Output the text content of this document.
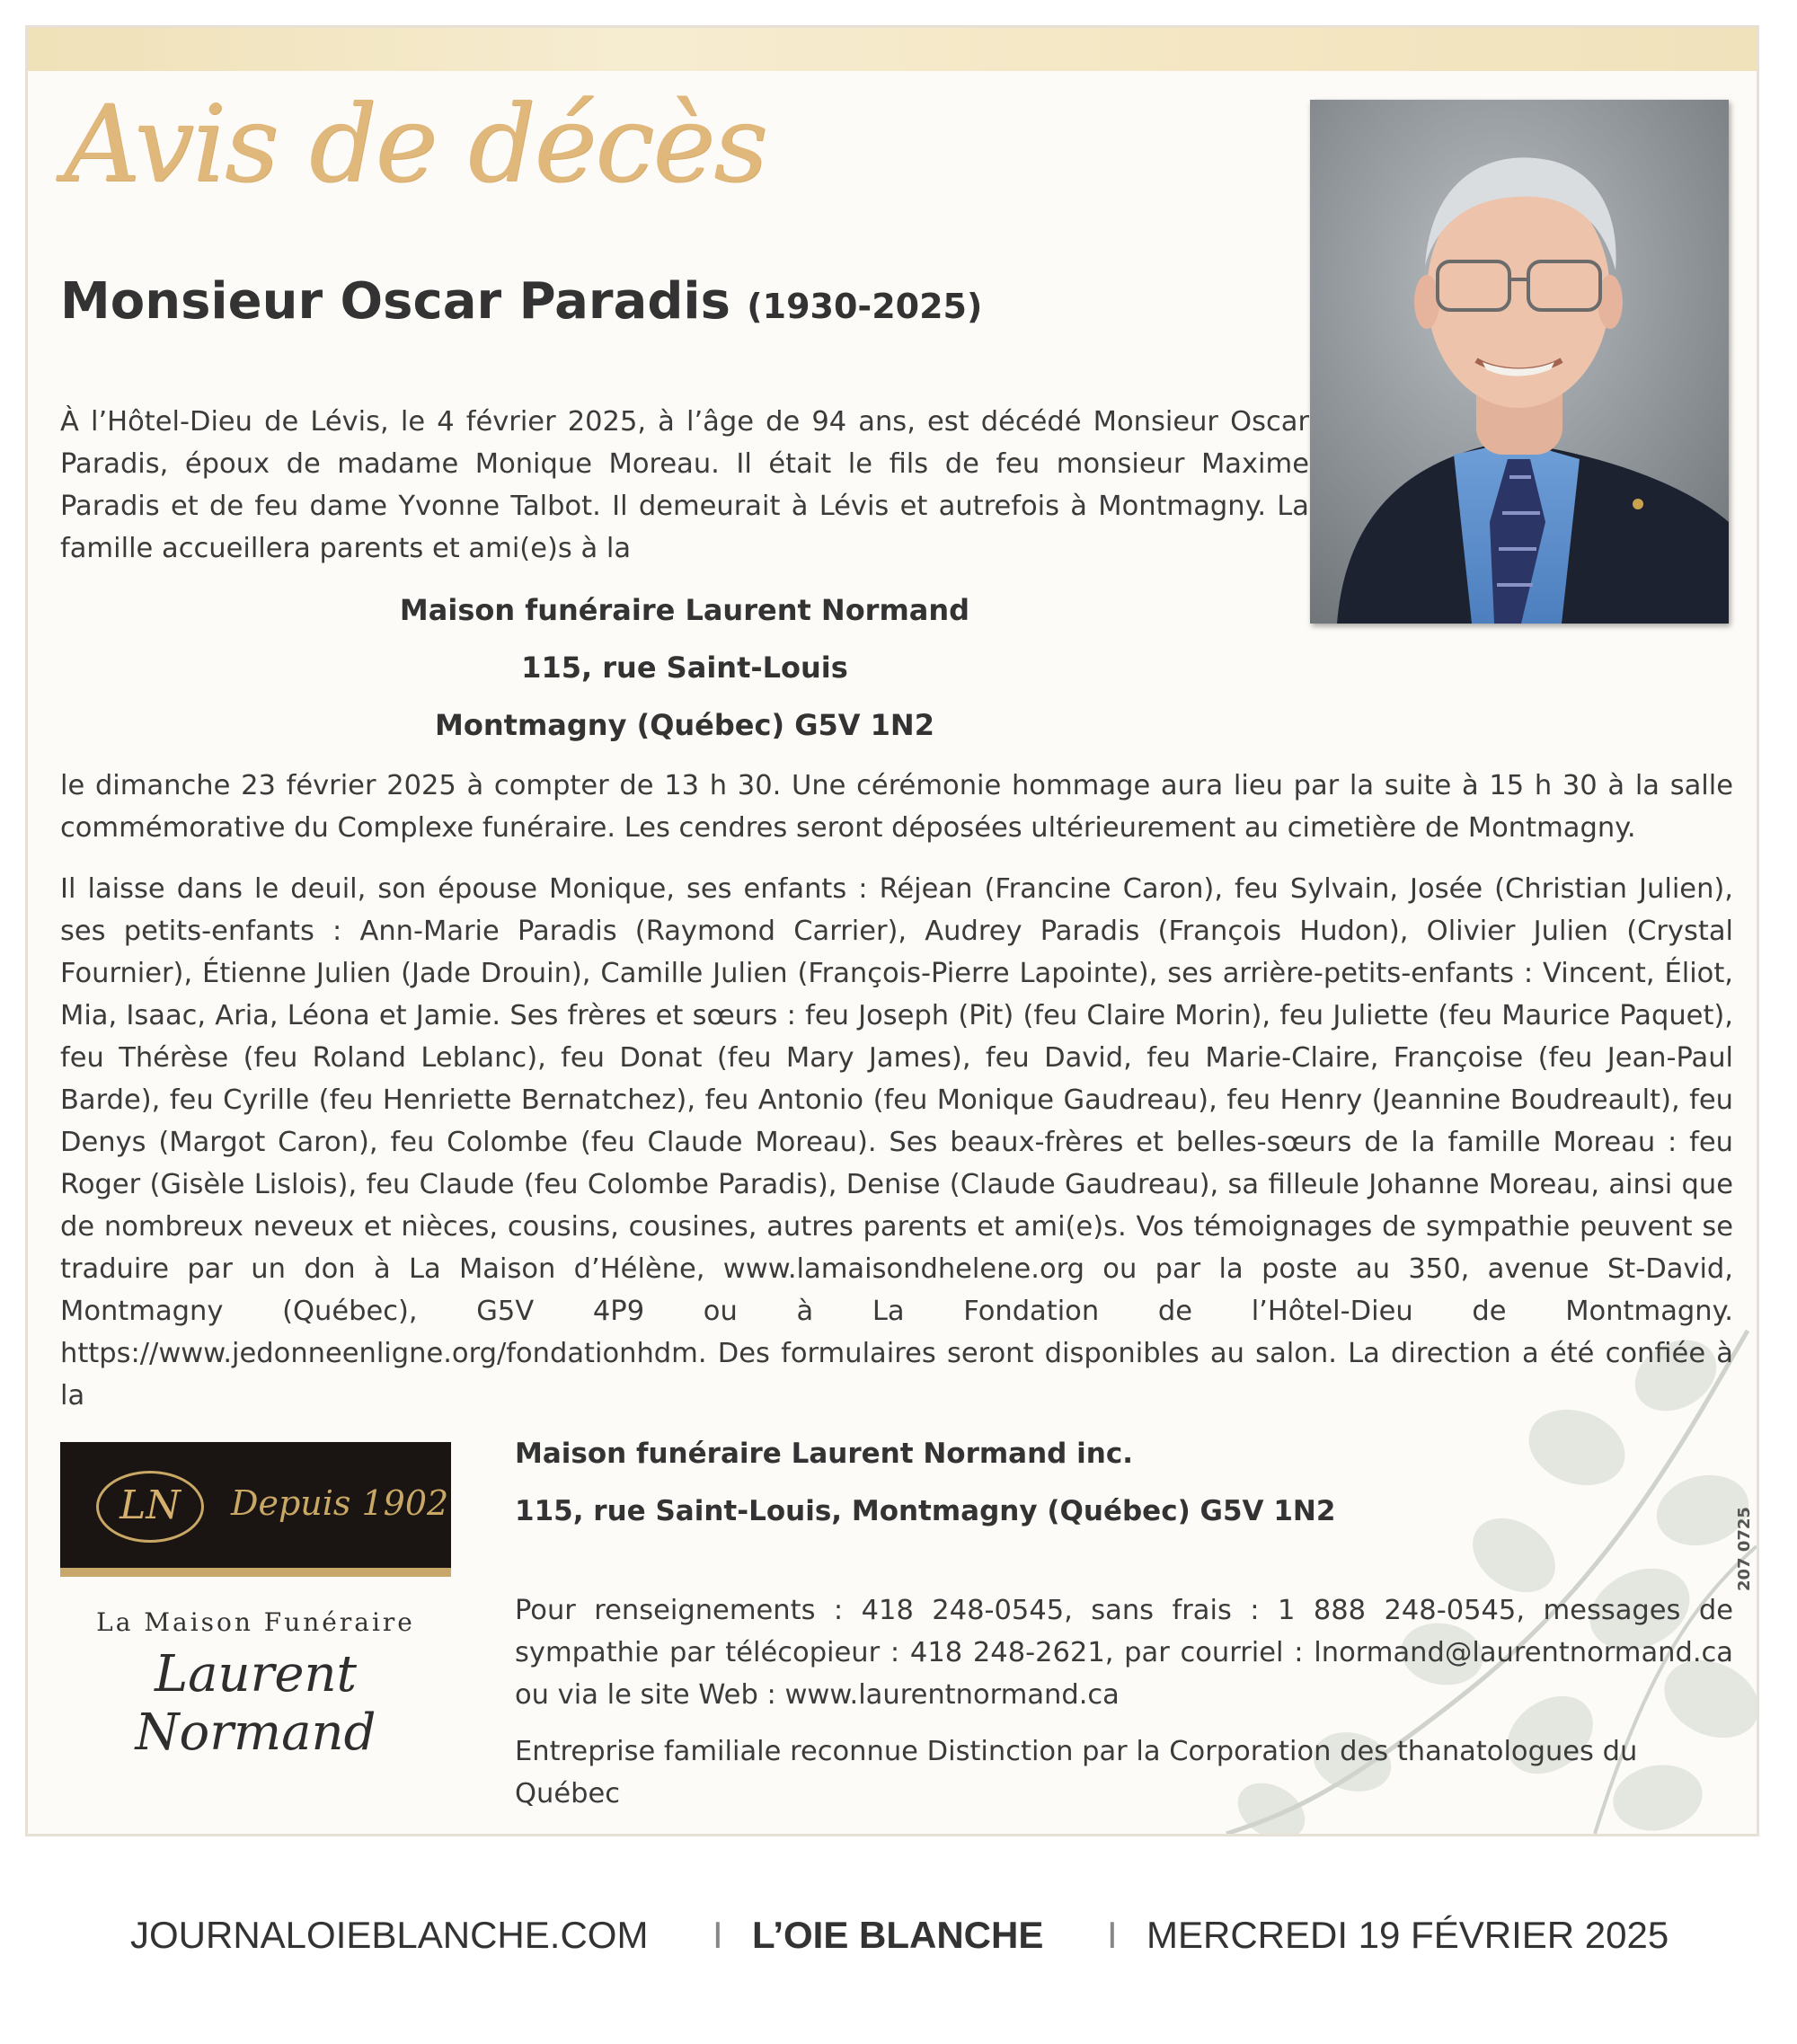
Avis de décès
Monsieur Oscar Paradis (1930-2025)

À l’Hôtel-Dieu de Lévis, le 4 février 2025, à l’âge de 94 ans, est décédé Monsieur Oscar Paradis, époux de madame Monique Moreau. Il était le fils de feu monsieur Maxime Paradis et de feu dame Yvonne Talbot. Il demeurait à Lévis et autrefois à Montmagny. La famille accueillera parents et ami(e)s à la

Maison funéraire Laurent Normand
115, rue Saint-Louis
Montmagny (Québec) G5V 1N2

le dimanche 23 février 2025 à compter de 13 h 30. Une cérémonie hommage aura lieu par la suite à 15 h 30 à la salle commémorative du Complexe funéraire. Les cendres seront déposées ultérieurement au cimetière de Montmagny.

Il laisse dans le deuil, son épouse Monique, ses enfants : Réjean (Francine Caron), feu Sylvain, Josée (Christian Julien), ses petits-enfants : Ann-Marie Paradis (Raymond Carrier), Audrey Paradis (François Hudon), Olivier Julien (Crystal Fournier), Étienne Julien (Jade Drouin), Camille Julien (François-Pierre Lapointe), ses arrière-petits-enfants : Vincent, Éliot, Mia, Isaac, Aria, Léona et Jamie. Ses frères et sœurs : feu Joseph (Pit) (feu Claire Morin), feu Juliette (feu Maurice Paquet), feu Thérèse (feu Roland Leblanc), feu Donat (feu Mary James), feu David, feu Marie-Claire, Françoise (feu Jean-Paul Barde), feu Cyrille (feu Henriette Bernatchez), feu Antonio (feu Monique Gaudreau), feu Henry (Jeannine Boudreault), feu Denys (Margot Caron), feu Colombe (feu Claude Moreau). Ses beaux-frères et belles-sœurs de la famille Moreau : feu Roger (Gisèle Lislois), feu Claude (feu Colombe Paradis), Denise (Claude Gaudreau), sa filleule Johanne Moreau, ainsi que de nombreux neveux et nièces, cousins, cousines, autres parents et ami(e)s. Vos témoignages de sympathie peuvent se traduire par un don à La Maison d’Hélène, www.lamaisondhelene.org ou par la poste au 350, avenue St-David, Montmagny (Québec), G5V 4P9 ou à La Fondation de l’Hôtel-Dieu de Montmagny. https://www.jedonneenligne.org/fondationhdm. Des formulaires seront disponibles au salon. La direction a été confiée à la

LN	Depuis 1902
La Maison Funéraire
Laurent Normand
Maison funéraire Laurent Normand inc.
115, rue Saint-Louis, Montmagny (Québec) G5V 1N2

Pour renseignements : 418 248-0545, sans frais : 1 888 248-0545, messages de sympathie par télécopieur : 418 248-2621, par courriel : lnormand@laurentnormand.ca ou via le site Web : www.laurentnormand.ca

Entreprise familiale reconnue Distinction par la Corporation des thanatologues du Québec

207 0725
JOURNALOIEBLANCHE.COM I L’OIE BLANCHE I MERCREDI 19 FÉVRIER 2025
